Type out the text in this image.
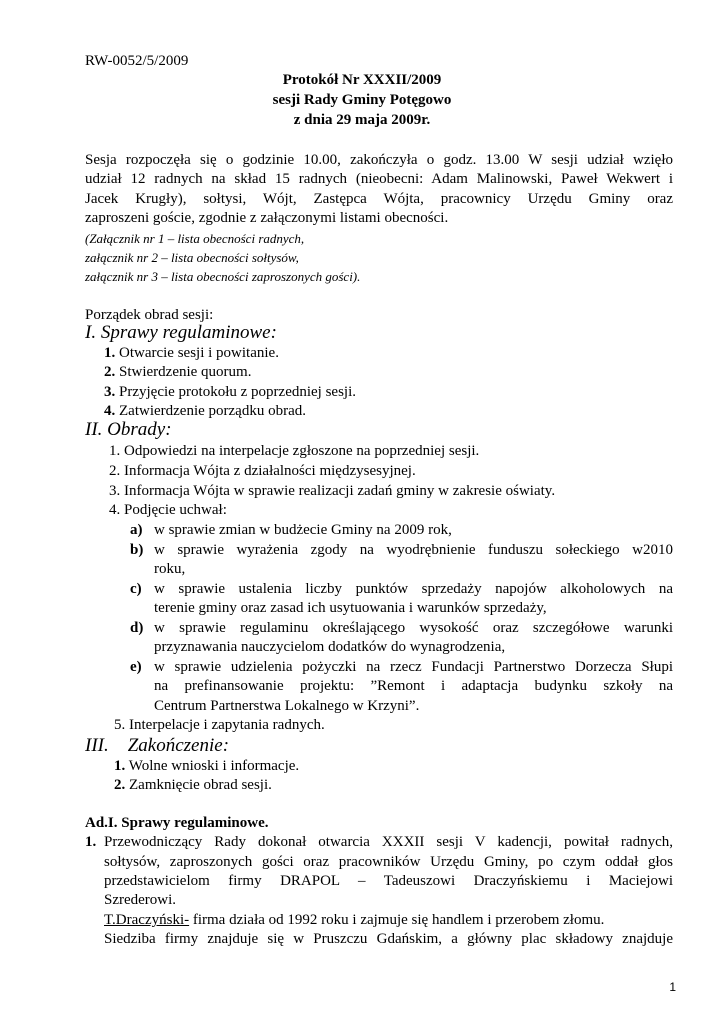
RW-0052/5/2009
Protokół Nr XXXII/2009
sesji Rady Gminy Potęgowo
z dnia 29 maja 2009r.
Sesja rozpoczęła się o godzinie 10.00, zakończyła o godz. 13.00 W sesji udział wzięło
udział 12 radnych na skład 15 radnych (nieobecni: Adam Malinowski, Paweł Wekwert i
Jacek Krugły), sołtysi, Wójt, Zastępca Wójta, pracownicy Urzędu Gminy oraz
zaproszeni goście, zgodnie z załączonymi listami obecności.
(Załącznik nr 1 – lista obecności radnych,
załącznik nr 2 – lista obecności sołtysów,
załącznik nr 3 – lista obecności zaproszonych gości).
Porządek obrad sesji:
I. Sprawy regulaminowe:
1. Otwarcie sesji i powitanie.
2. Stwierdzenie quorum.
3. Przyjęcie protokołu z poprzedniej sesji.
4. Zatwierdzenie porządku obrad.
II. Obrady:
1. Odpowiedzi na interpelacje zgłoszone na poprzedniej sesji.
2. Informacja Wójta z działalności międzysesyjnej.
3. Informacja Wójta w sprawie realizacji zadań gminy w zakresie oświaty.
4. Podjęcie uchwał:
a) w sprawie zmian w budżecie Gminy na 2009 rok,
b) w sprawie wyrażenia zgody na wyodrębnienie funduszu sołeckiego w2010
roku,
c) w sprawie ustalenia liczby punktów sprzedaży napojów alkoholowych na
terenie gminy oraz zasad ich usytuowania i warunków sprzedaży,
d) w sprawie regulaminu określającego wysokość oraz szczegółowe warunki
przyznawania nauczycielom dodatków do wynagrodzenia,
e) w sprawie udzielenia pożyczki na rzecz Fundacji Partnerstwo Dorzecza Słupi
na prefinansowanie projektu: ”Remont i adaptacja budynku szkoły na
Centrum Partnerstwa Lokalnego w Krzyni”.
5. Interpelacje i zapytania radnych.
III. Zakończenie:
1. Wolne wnioski i informacje.
2. Zamknięcie obrad sesji.
Ad.I. Sprawy regulaminowe.
1. Przewodniczący Rady dokonał otwarcia XXXII sesji V kadencji, powitał radnych,
sołtysów, zaproszonych gości oraz pracowników Urzędu Gminy, po czym oddał głos
przedstawicielom firmy DRAPOL – Tadeuszowi Draczyńskiemu i Maciejowi
Szrederowi.
T.Draczyński- firma działa od 1992 roku i zajmuje się handlem i przerobem złomu.
Siedziba firmy znajduje się w Pruszczu Gdańskim, a główny plac składowy znajduje
1
